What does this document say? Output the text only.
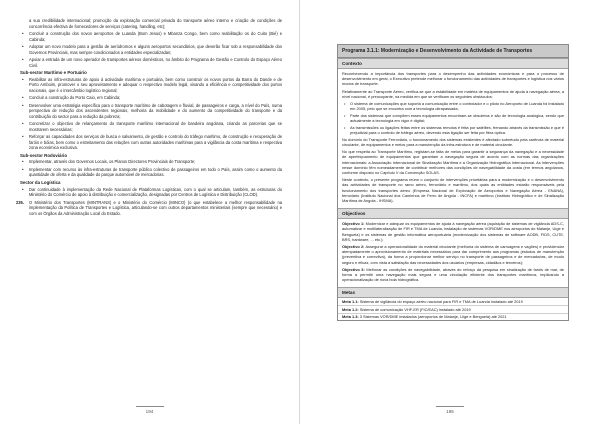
a sua credibilidade internacional; promoção da exploração comercial privada do transporte aéreo interno e criação de condições de concorrência efectiva de fornecedores de serviços (catering, handling, etc);
• Concluir a construção dos novos aeroportos de Luanda (Bom Jesus) e Mbanza Congo, bem como reabilitação os do Cuito (Bié) e Cabinda;
• Adoptar um novo modelo para a gestão de aeródromos e alguns aeroportos secundários, que deverão ficar sob a responsabilidade dos Governos Provinciais, mas sempre condicionados a entidades especializadas;
• Apoiar a entrada de um novo operador de transportes aéreos domésticos, no âmbito do Programa de Gestão e Controlo do Espaço Aéreo Civil.
Sub-sector Marítimo e Portuário
• Reabilitar as infra-estruturas de apoio à actividade marítima e portuária, bem como construir os novos portos da Barra do Dande e de Porto Amboim, promover o seu aproveitamento e adequar o respectivo modelo legal, visando a eficiência e competitividade dos portos nacionais, que é o intercâmbio logístico regional;
• Concluir a construção do Porto Caio, em Cabinda;
• Desenvolver uma estratégia específica para o transporte marítimo de cabotagem e fluvial, de passageiros e carga, a nível do País, numa perspectiva de redução dos ascendentes regionais, melhoria da mobilidade e do aumento da competitividade do transporte e da contribuição do sector para a redução da pobreza;
• Concretizar o objectivo de relançamento do transporte marítimo internacional de bandeira angolana, criando as parcerias que se mostrarem necessárias;
• Reforçar as capacidades dos serviços de busca e salvamento, de gestão e controlo do tráfego marítimo, de construção e recuperação de faróis e bóias, bem como o estreitamento das relações com outras autoridades marítimas para a vigilância da costa marítima e respectiva zona económica exclusiva.
Sub-sector Rodoviário
• Implementar, através dos Governos Locais, os Planos Directores Provinciais de Transporte;
• Implementar com recurso às infra-estruturas de transporte público colectivo de passageiros em todo o País, assim como o aumento da quantidade de oferta e da qualidade do parque automóvel de mercadorias.
Sector da Logística
• Dar continuidade à implementação da Rede Nacional de Plataformas Logísticas, com o qual se articulam, também, as estruturas do Ministério do Comércio de apoio à distribuição e comercialização, designadas por Centros de Logística e Distribuição (CLOD).
235. O Ministério dos Transportes (MINTRANS) e o Ministério do Comércio (MINCO) (o que estabelece a melhor responsabilidade na implementação da Política de Transportes e Logística, articulando-se com outros departamentos ministeriais (sempre que necessário) e com os Órgãos da Administração Local do Estado.
194	195
Programa 3.1.1: Modernização e Desenvolvimento da Actividade de Transportes
Contexto
Reconhecendo a importância dos transportes para o desempenho das actividades económicas e para o processo de desenvolvimento em geral, o Executivo pretende melhorar o funcionamento das actividades de transportes e logística nos vários modos de transporte.
Relativamente ao Transporte Aéreo, verifica-se que a estabilidade em matéria de equipamentos de ajuda à navegação aérea, a nível nacional, é preocupante, na medida em que se verificam os seguintes obstáculos:
• O sistema de comunicações que suporta a comunicação entre o controlador e o piloto no Aeroporto de Luanda foi instalado em 2005, pelo que se encontra com a tecnologia ultrapassada;
• Parte dos sistemas que compõem esses equipamentos encontram-se obsoletos e são de tecnologia analógica, sendo que actualmente a tecnologia em vigor é digital;
• As transmissões ou ligações feitas entre os sistemas remotos é feita por satélites, frenando através da transmissão e que é prejudicial para o controlo de tráfego aéreo, devendo esta ligação ser feita por fibra óptica.
No domínio do Transporte Ferroviário, o funcionamento dos sistemas existentes é afectado sobretudo pela carência de material circulante, de equipamentos e meios para a manutenção da infra-estrutura e de material circulante.
No que respeita ao Transporte Marítimo, registam-se falta de meios para garantir a segurança da navegação e a necessidade de aperfeiçoamento de equipamentos que garantam a navegação segura de acordo com as normas das organizações internacionais: a Associação Internacional de Sinalização Marítima e a Organização Hidrográfica Internacional. As intervenções nesse domínio têm nomeadamente de contribuir melhores das condições de navegabilidade da costa (em termos angolanos, conforme disposto no Capítulo V da Convenção SOLAS.
Neste contexto, o presente programa reúne o conjunto de intervenções prioritárias para a modernização e o desenvolvimento das actividades de transporte no ramo aéreo, ferroviário e marítimo, dos quais as entidades estarão responsáveis pela funcionamento dos transportes aéreo (Empresa Nacional de Exploração de Aeroportos e Navegação Aérea - ENANA), ferroviário (Instituto Nacional dos Caminhos de Ferro de Angola - INCFA) e marítimo (Instituto Hidrográfico e de Sinalização Marítima de Angola - IHSMA).
Objectivos
Objectivo 1: Modernizar e adequar os equipamentos de ajuda à navegação aérea (aquisição de sistemas de vigilância ADS-C, automatizar e multilateralização de FIR e TMA de Luanda, instalação de sistemas VOR/DME nos aeroportos do Malanje, Uíge e Benguela) e os sistemas de gestão informática aeroportuária (modernização dos sistemas de software AODB, FIDS, CUTE, BRS, hardware, ... etc.);
Objectivo 2: Assegurar a operacionalidade do material circulante (melhoria do sistema de carruagens e vagões) e providenciar atempadamente o aprovisionamento de materiais necessários para dar cumprimento aos programas (estudos de manutenção (preventiva e correctiva), da forma a proporcionar melhor serviço no transporte de passageiros e de mercadorias, de modo seguro e eficaz, com vista à satisfação das necessidades dos usuários (empresas, cidadãos e terceiros);
Objectivo 3: Melhorar as condições de navegabilidade, através do reforço da pesquisa em sinalização de faróis de mar, de forma a permitir uma navegação mais segura e uma circulação eficiente dos transportes marítimos, implicando a operacionalização de nova boia hidrográfica.
Metas
Meta 1.1: Sistema de vigilância do espaço aéreo nacional para FIR e TMA de Luanda instalado até 2019
Meta 1.2: Sistema de comunicação VHF-ER (FIC/EAC) instalado até 2019
Meta 1.3: 3 Sistemas VOR/DME instalados (aeroportos de Malanje, Uíge e Benguela) até 2021
